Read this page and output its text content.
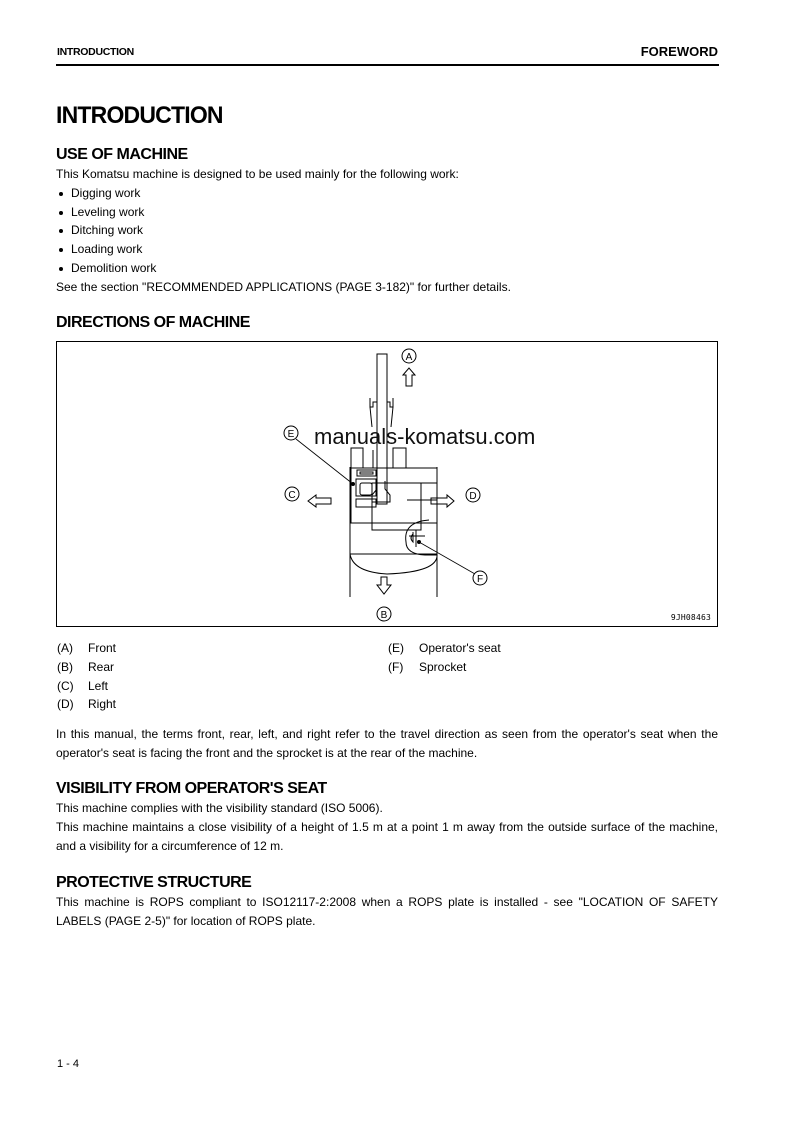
INTRODUCTION	FOREWORD
INTRODUCTION
USE OF MACHINE
This Komatsu machine is designed to be used mainly for the following work:
Digging work
Leveling work
Ditching work
Loading work
Demolition work
See the section "RECOMMENDED APPLICATIONS (PAGE 3-182)" for further details.
DIRECTIONS OF MACHINE
A
B
C	D
E
F
9JH08463
manuals-komatsu.com
(A) Front
(B) Rear
(C) Left
(D) Right
(E) Operator's seat
(F) Sprocket
In this manual, the terms front, rear, left, and right refer to the travel direction as seen from the operator's seat when the operator's seat is facing the front and the sprocket is at the rear of the machine.
VISIBILITY FROM OPERATOR'S SEAT
This machine complies with the visibility standard (ISO 5006).
This machine maintains a close visibility of a height of 1.5 m at a point 1 m away from the outside surface of the machine, and a visibility for a circumference of 12 m.
PROTECTIVE STRUCTURE
This machine is ROPS compliant to ISO12117-2:2008 when a ROPS plate is installed - see "LOCATION OF SAFETY LABELS (PAGE 2-5)" for location of ROPS plate.
1 - 4
